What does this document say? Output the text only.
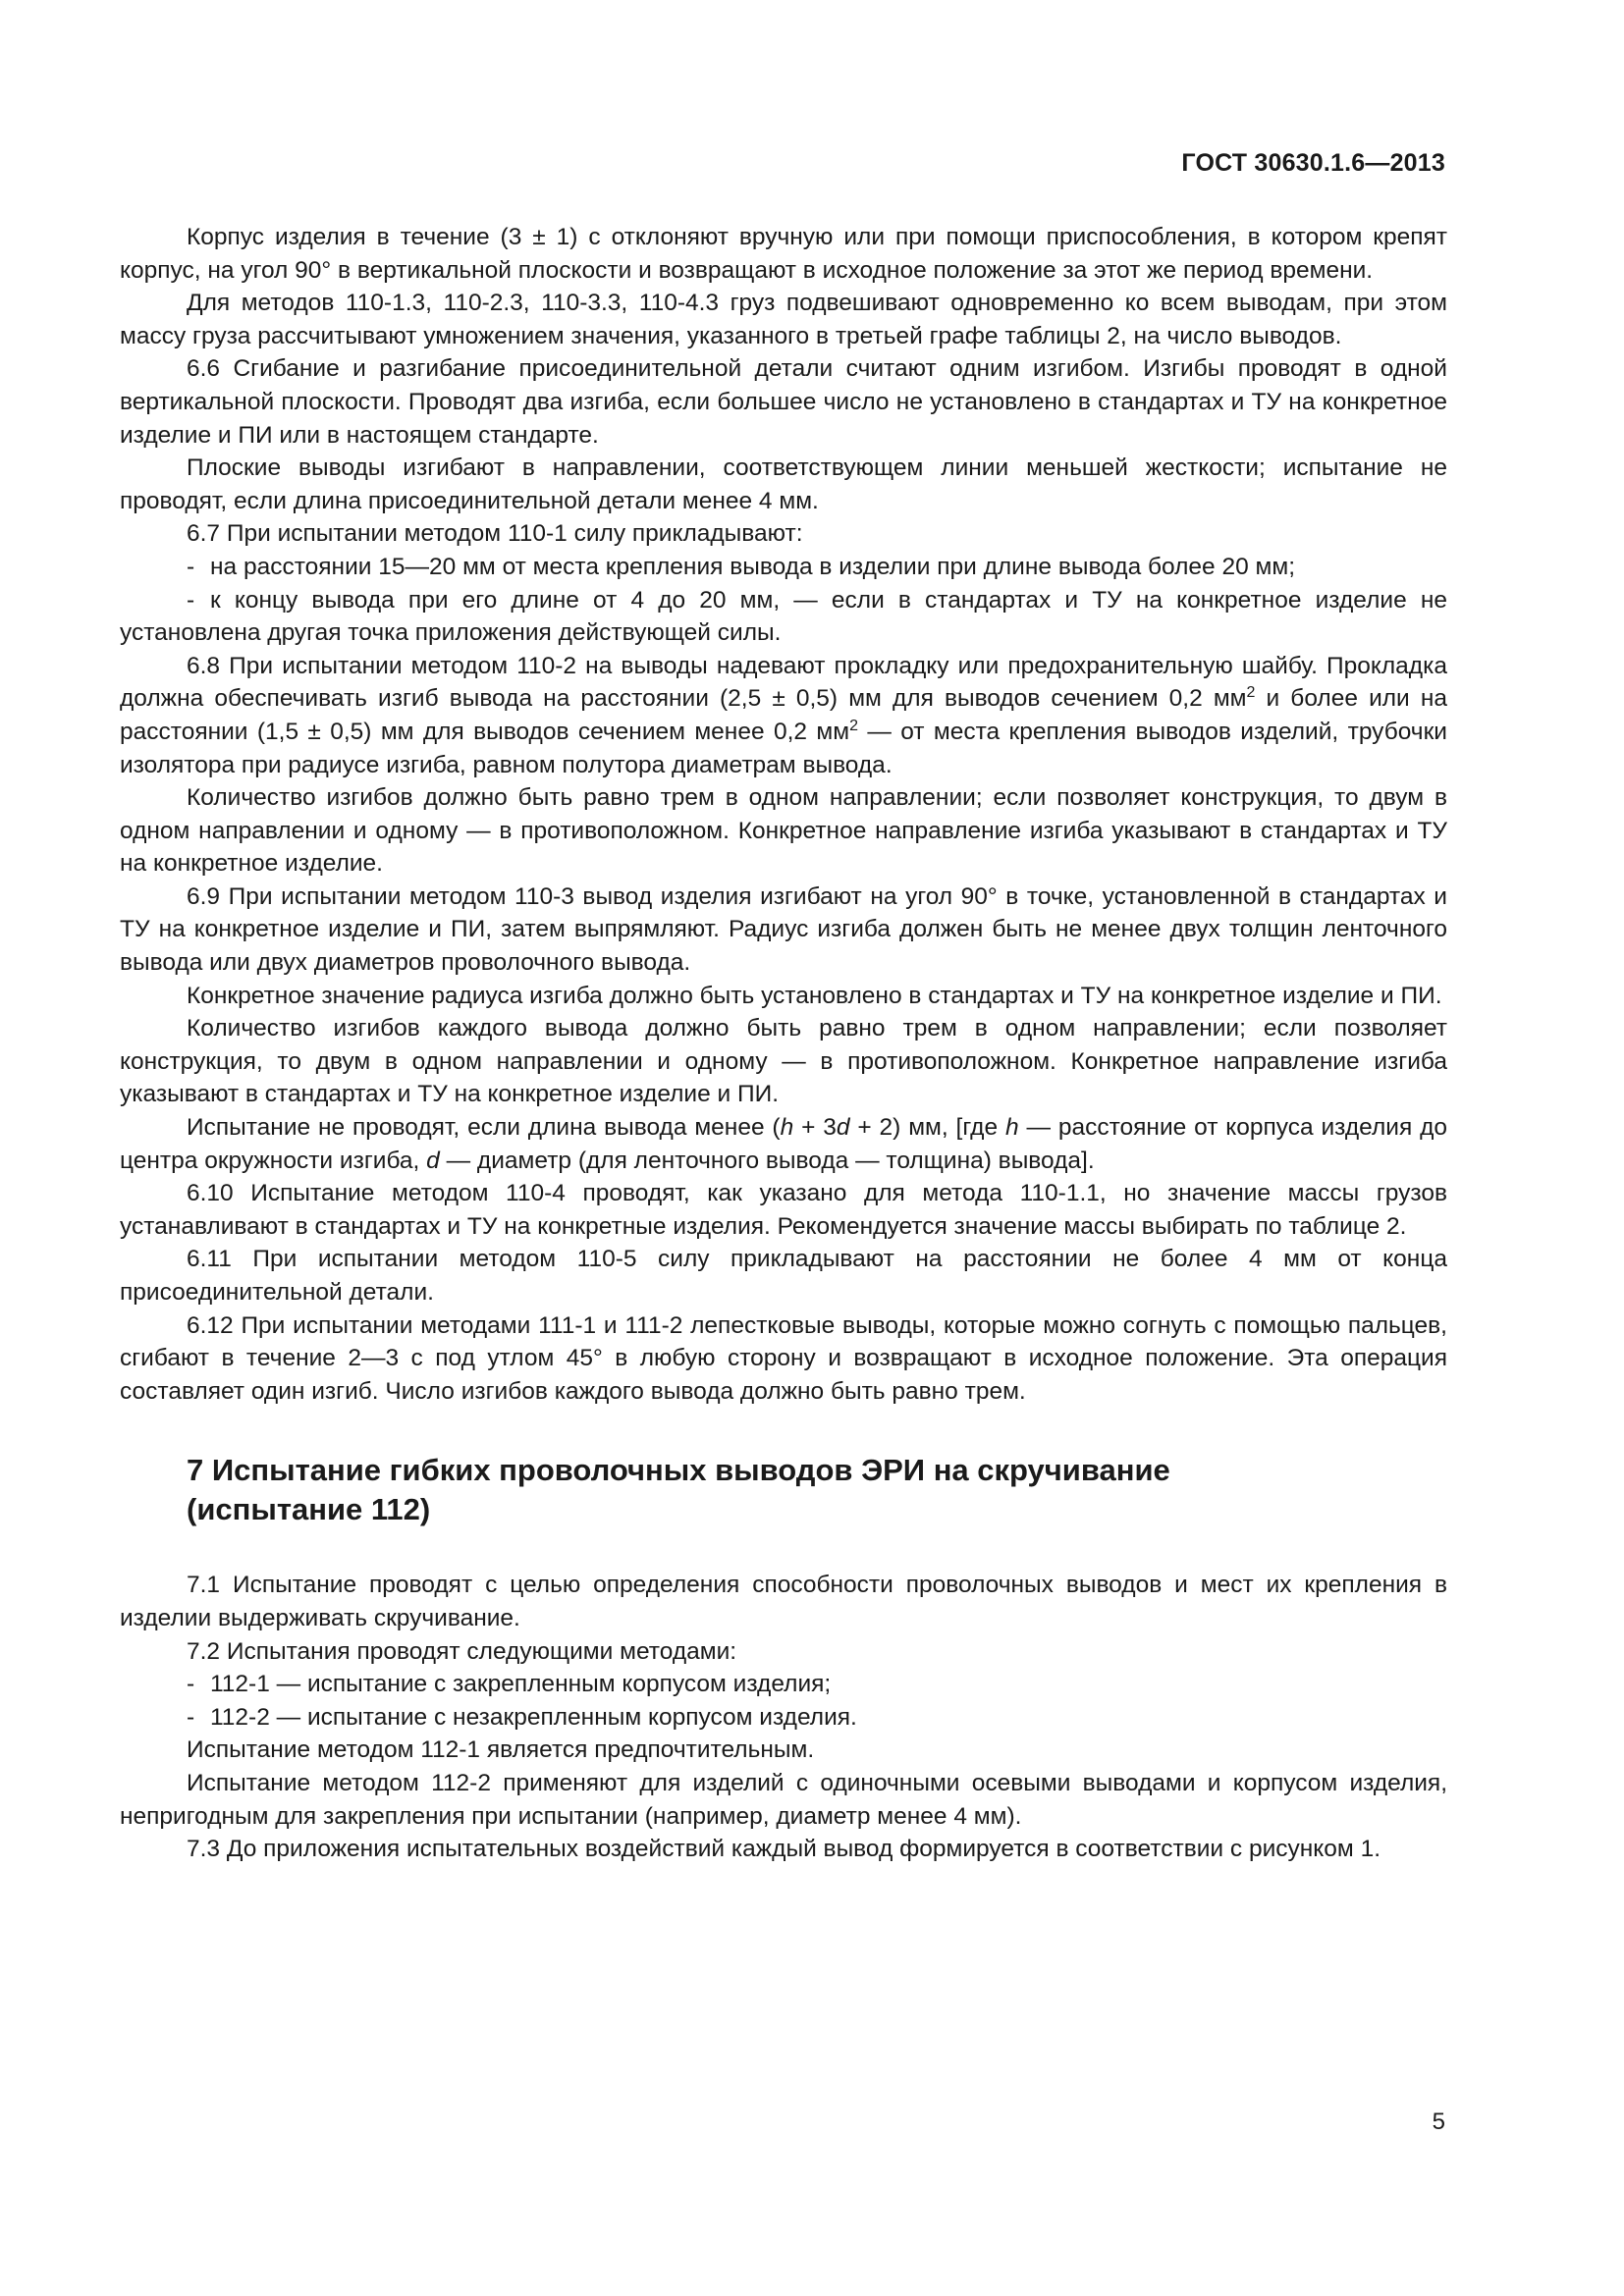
ГОСТ 30630.1.6—2013

Корпус изделия в течение (3 ± 1) с отклоняют вручную или при помощи приспособления, в котором крепят корпус, на угол 90° в вертикальной плоскости и возвращают в исходное положение за этот же период времени.

Для методов 110-1.3, 110-2.3, 110-3.3, 110-4.3 груз подвешивают одновременно ко всем выводам, при этом массу груза рассчитывают умножением значения, указанного в третьей графе таблицы 2, на число выводов.

6.6 Сгибание и разгибание присоединительной детали считают одним изгибом. Изгибы проводят в одной вертикальной плоскости. Проводят два изгиба, если большее число не установлено в стандартах и ТУ на конкретное изделие и ПИ или в настоящем стандарте.

Плоские выводы изгибают в направлении, соответствующем линии меньшей жесткости; испытание не проводят, если длина присоединительной детали менее 4 мм.

6.7 При испытании методом 110-1 силу прикладывают:

- на расстоянии 15—20 мм от места крепления вывода в изделии при длине вывода более 20 мм;

- к концу вывода при его длине от 4 до 20 мм, — если в стандартах и ТУ на конкретное изделие не установлена другая точка приложения действующей силы.

6.8 При испытании методом 110-2 на выводы надевают прокладку или предохранительную шайбу. Прокладка должна обеспечивать изгиб вывода на расстоянии (2,5 ± 0,5) мм для выводов сечением 0,2 $мм^2$ и более или на расстоянии (1,5 ± 0,5) мм для выводов сечением менее 0,2 $мм^2$ — от места крепления выводов изделий, трубочки изолятора при радиусе изгиба, равном полутора диаметрам вывода.

Количество изгибов должно быть равно трем в одном направлении; если позволяет конструкция, то двум в одном направлении и одному — в противоположном. Конкретное направление изгиба указывают в стандартах и ТУ на конкретное изделие.

6.9 При испытании методом 110-3 вывод изделия изгибают на угол 90° в точке, установленной в стандартах и ТУ на конкретное изделие и ПИ, затем выпрямляют. Радиус изгиба должен быть не менее двух толщин ленточного вывода или двух диаметров проволочного вывода.

Конкретное значение радиуса изгиба должно быть установлено в стандартах и ТУ на конкретное изделие и ПИ.

Количество изгибов каждого вывода должно быть равно трем в одном направлении; если позволяет конструкция, то двум в одном направлении и одному — в противоположном. Конкретное направление изгиба указывают в стандартах и ТУ на конкретное изделие и ПИ.

Испытание не проводят, если длина вывода менее (h + 3d + 2) мм, [где h — расстояние от корпуса изделия до центра окружности изгиба, d — диаметр (для ленточного вывода — толщина) вывода].

6.10 Испытание методом 110-4 проводят, как указано для метода 110-1.1, но значение массы грузов устанавливают в стандартах и ТУ на конкретные изделия. Рекомендуется значение массы выбирать по таблице 2.

6.11 При испытании методом 110-5 силу прикладывают на расстоянии не более 4 мм от конца присоединительной детали.

6.12 При испытании методами 111-1 и 111-2 лепестковые выводы, которые можно согнуть с помощью пальцев, сгибают в течение 2—3 с под утлом 45° в любую сторону и возвращают в исходное положение. Эта операция составляет один изгиб. Число изгибов каждого вывода должно быть равно трем.

7 Испытание гибких проволочных выводов ЭРИ на скручивание (испытание 112)

7.1 Испытание проводят с целью определения способности проволочных выводов и мест их крепления в изделии выдерживать скручивание.

7.2 Испытания проводят следующими методами:

- 112-1 — испытание с закрепленным корпусом изделия;

- 112-2 — испытание с незакрепленным корпусом изделия.

Испытание методом 112-1 является предпочтительным.

Испытание методом 112-2 применяют для изделий с одиночными осевыми выводами и корпусом изделия, непригодным для закрепления при испытании (например, диаметр менее 4 мм).

7.3 До приложения испытательных воздействий каждый вывод формируется в соответствии с рисунком 1.

5
